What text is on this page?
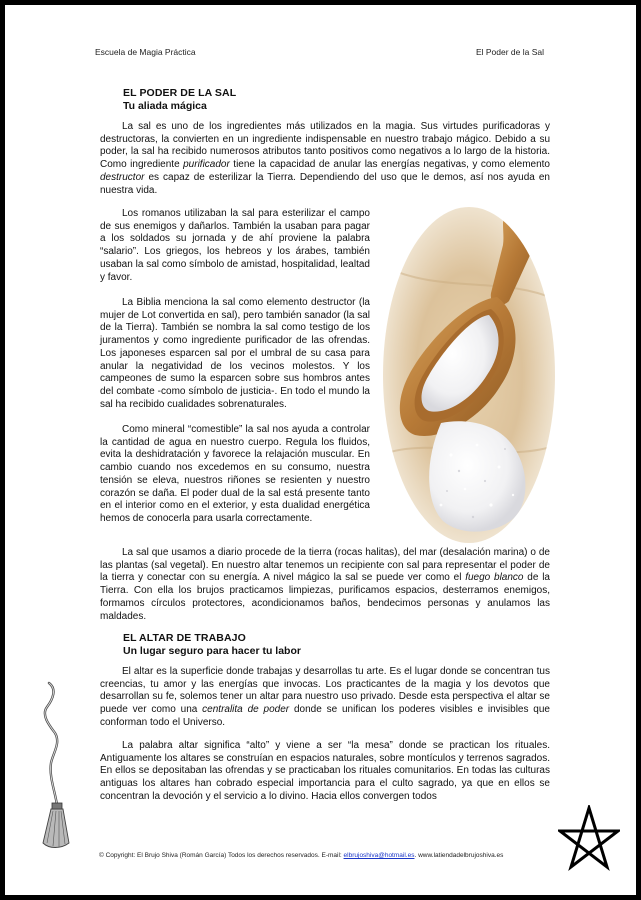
Escuela de Magia Práctica	El Poder de la Sal
EL PODER DE LA SAL
Tu aliada mágica

La sal es uno de los ingredientes más utilizados en la magia. Sus virtudes purificadoras y destructoras, la convierten en un ingrediente indispensable en nuestro trabajo mágico. Debido a su poder, la sal ha recibido numerosos atributos tanto positivos como negativos a lo largo de la historia. Como ingrediente purificador tiene la capacidad de anular las energías negativas, y como elemento destructor es capaz de esterilizar la Tierra. Dependiendo del uso que le demos, así nos ayuda en nuestra vida.

Los romanos utilizaban la sal para esterilizar el campo de sus enemigos y dañarlos. También la usaban para pagar a los soldados su jornada y de ahí proviene la palabra “salario”. Los griegos, los hebreos y los árabes, también usaban la sal como símbolo de amistad, hospitalidad, lealtad y favor.

La Biblia menciona la sal como elemento destructor (la mujer de Lot convertida en sal), pero también sanador (la sal de la Tierra). También se nombra la sal como testigo de los juramentos y como ingrediente purificador de las ofrendas. Los japoneses esparcen sal por el umbral de su casa para anular la negatividad de los vecinos molestos. Y los campeones de sumo la esparcen sobre sus hombros antes del combate -como símbolo de justicia-. En todo el mundo la sal ha recibido cualidades sobrenaturales.

Como mineral “comestible” la sal nos ayuda a controlar la cantidad de agua en nuestro cuerpo. Regula los fluidos, evita la deshidratación y favorece la relajación muscular. En cambio cuando nos excedemos en su consumo, nuestra tensión se eleva, nuestros riñones se resienten y nuestro corazón se daña. El poder dual de la sal está presente tanto en el interior como en el exterior, y esta dualidad energética hemos de conocerla para usarla correctamente.

La sal que usamos a diario procede de la tierra (rocas halitas), del mar (desalación marina) o de las plantas (sal vegetal). En nuestro altar tenemos un recipiente con sal para representar el poder de la tierra y conectar con su energía. A nivel mágico la sal se puede ver como el fuego blanco de la Tierra. Con ella los brujos practicamos limpiezas, purificamos espacios, desterramos enemigos, formamos círculos protectores, acondicionamos baños, bendecimos personas y anulamos las maldades.

EL ALTAR DE TRABAJO
Un lugar seguro para hacer tu labor

El altar es la superficie donde trabajas y desarrollas tu arte. Es el lugar donde se concentran tus creencias, tu amor y las energías que invocas. Los practicantes de la magia y los devotos que desarrollan su fe, solemos tener un altar para nuestro uso privado. Desde esta perspectiva el altar se puede ver como una centralita de poder donde se unifican los poderes visibles e invisibles que conforman todo el Universo.

La palabra altar significa “alto” y viene a ser “la mesa” donde se practican los rituales. Antiguamente los altares se construían en espacios naturales, sobre montículos y terrenos sagrados. En ellos se depositaban las ofrendas y se practicaban los rituales comunitarios. En todas las culturas antiguas los altares han cobrado especial importancia para el culto sagrado, ya que en ellos se concentran la devoción y el servicio a lo divino. Hacia ellos convergen todos

© Copyright: El Brujo Shiva (Román García) Todos los derechos reservados. E-mail: elbrujoshiva@hotmail.es. www.latiendadelbrujoshiva.es
